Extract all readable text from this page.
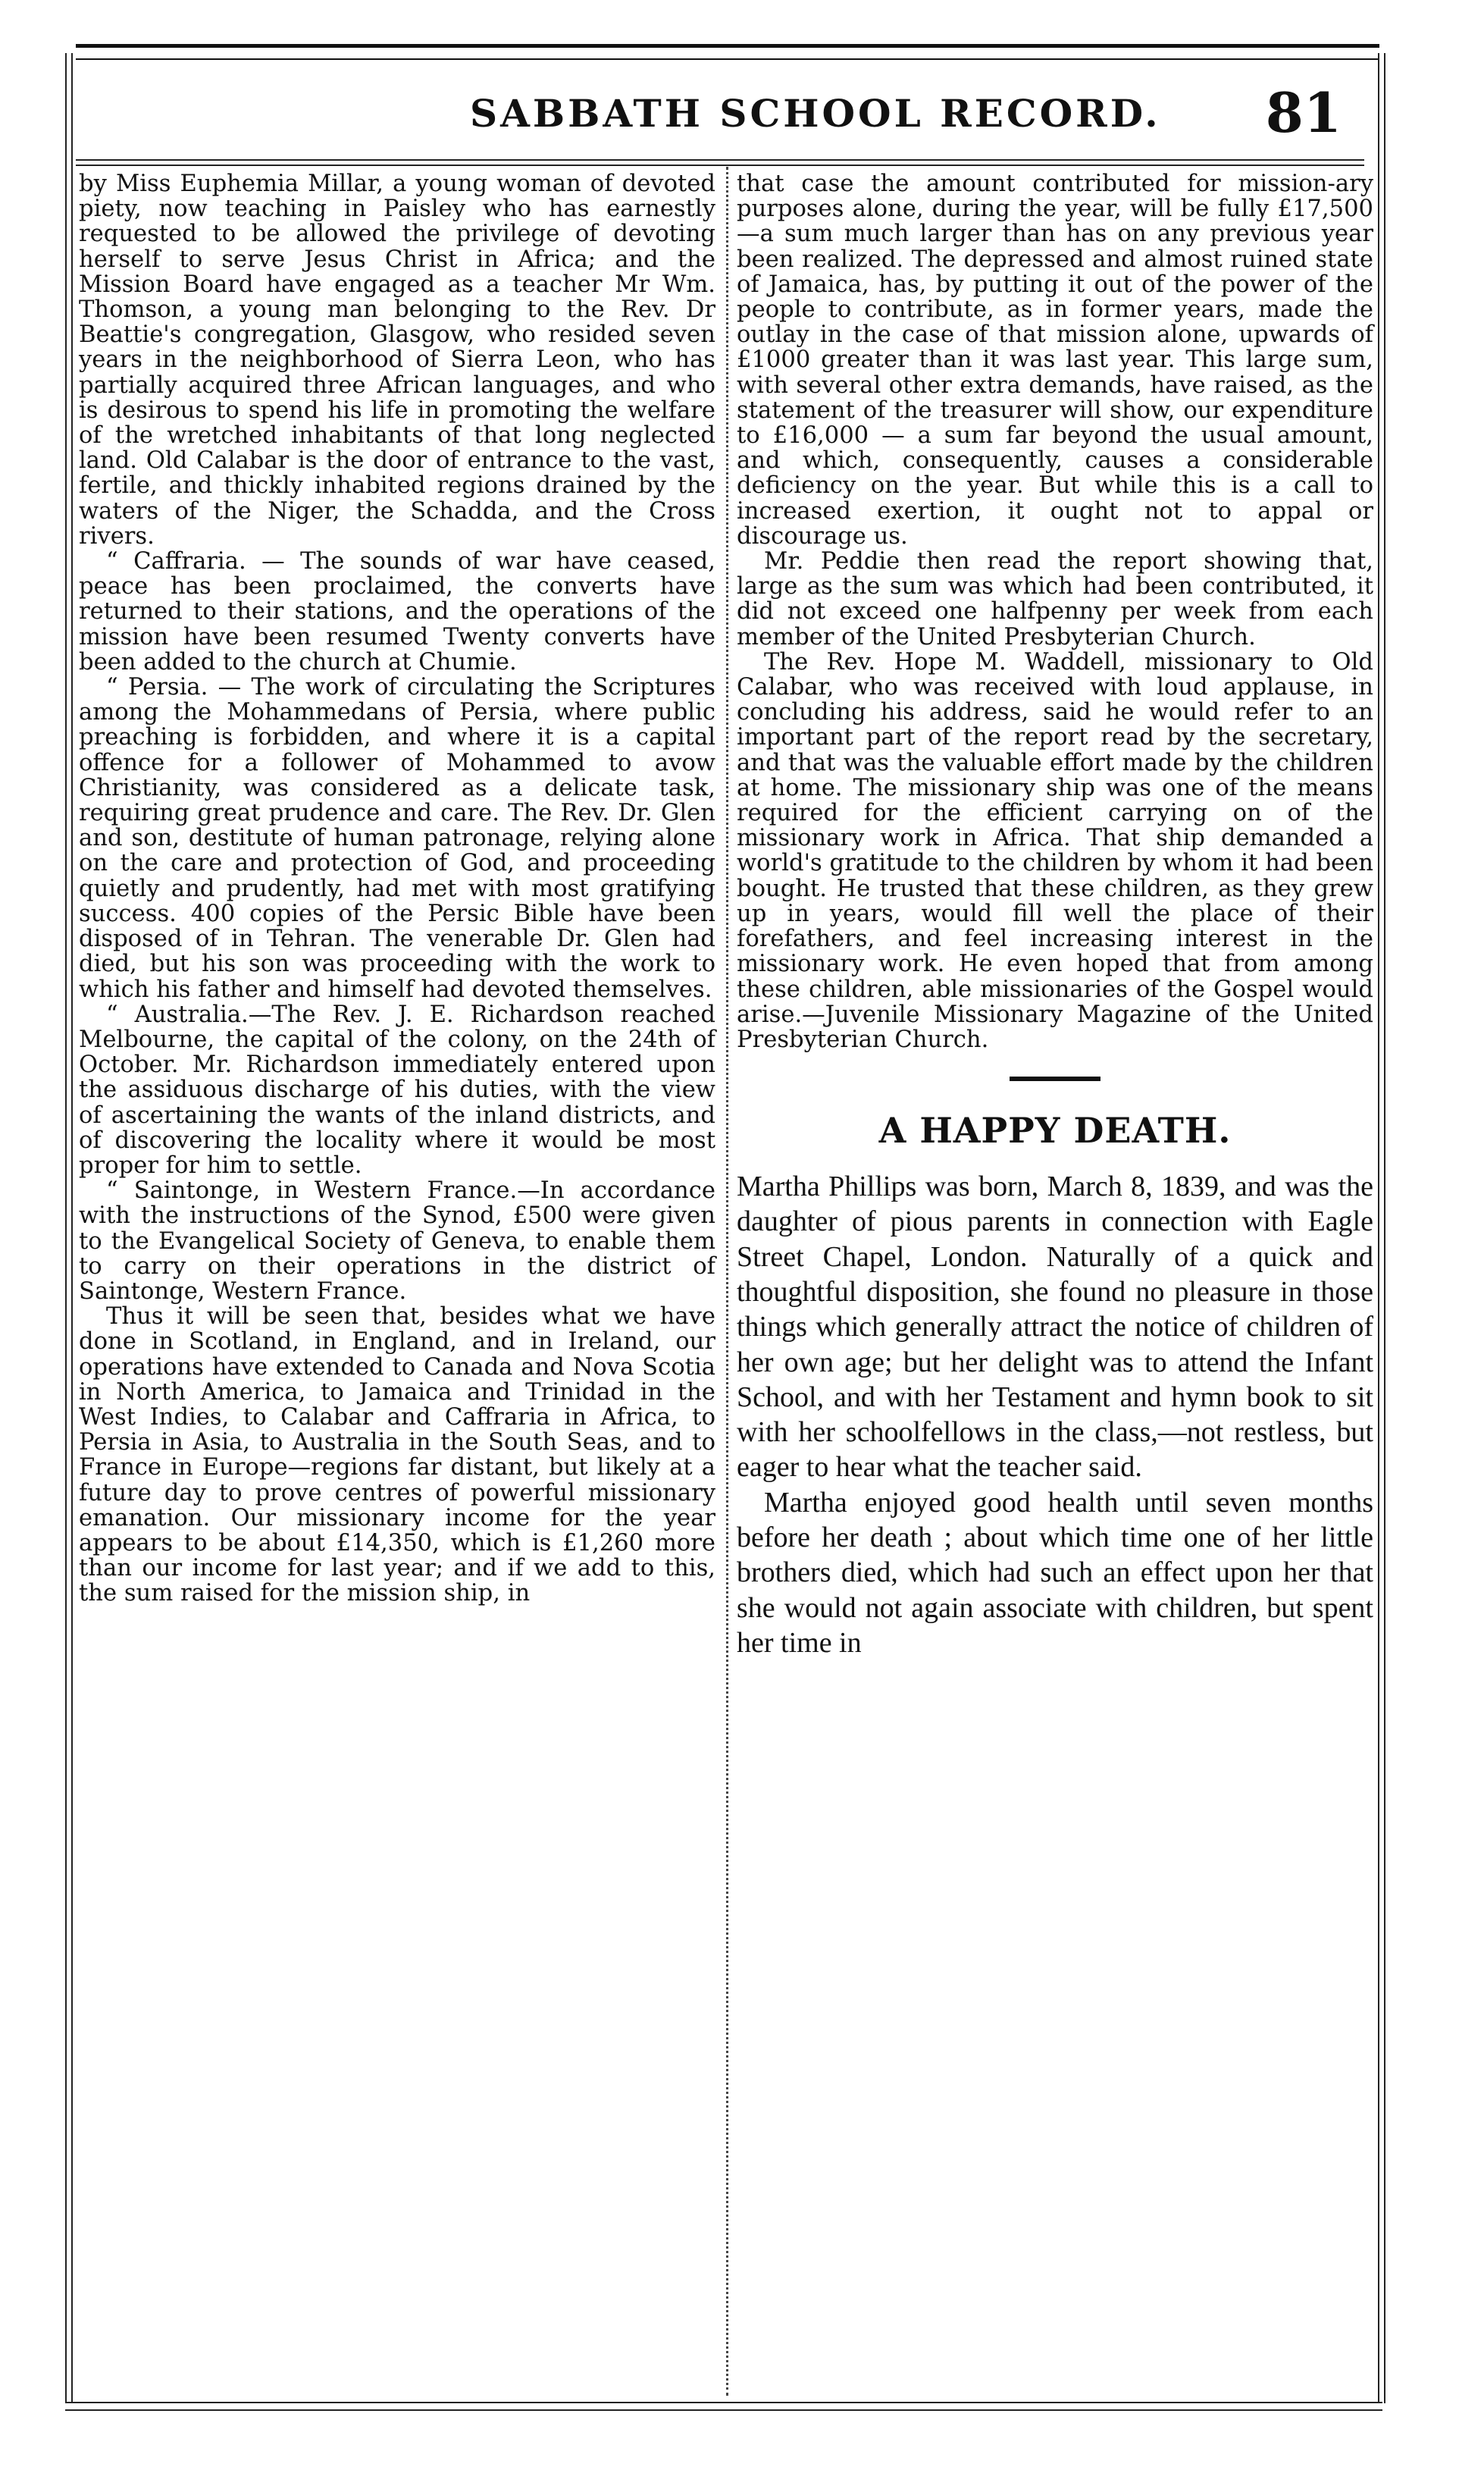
SABBATH SCHOOL RECORD. 81

by Miss Euphemia Millar, a young woman of devoted piety, now teaching in Paisley who has earnestly requested to be allowed the privilege of devoting herself to serve Jesus Christ in Africa; and the Mission Board have engaged as a teacher Mr Wm. Thomson, a young man belonging to the Rev. Dr Beattie's congregation, Glasgow, who resided seven years in the neighborhood of Sierra Leon, who has partially acquired three African languages, and who is desirous to spend his life in promoting the welfare of the wretched inhabitants of that long neglected land. Old Calabar is the door of entrance to the vast, fertile, and thickly inhabited regions drained by the waters of the Niger, the Schadda, and the Cross rivers.

“ Caffraria. — The sounds of war have ceased, peace has been proclaimed, the converts have returned to their stations, and the operations of the mission have been resumed Twenty converts have been added to the church at Chumie.

“ Persia. — The work of circulating the Scriptures among the Mohammedans of Persia, where public preaching is forbidden, and where it is a capital offence for a follower of Mohammed to avow Christianity, was considered as a delicate task, requiring great prudence and care. The Rev. Dr. Glen and son, destitute of human patronage, relying alone on the care and protection of God, and proceeding quietly and prudently, had met with most gratifying success. 400 copies of the Persic Bible have been disposed of in Tehran. The venerable Dr. Glen had died, but his son was proceeding with the work to which his father and himself had devoted themselves.

“ Australia.—The Rev. J. E. Richardson reached Melbourne, the capital of the colony, on the 24th of October. Mr. Richardson immediately entered upon the assiduous discharge of his duties, with the view of ascertaining the wants of the inland districts, and of discovering the locality where it would be most proper for him to settle.

“ Saintonge, in Western France.—In accordance with the instructions of the Synod, £500 were given to the Evangelical Society of Geneva, to enable them to carry on their operations in the district of Saintonge, Western France.

Thus it will be seen that, besides what we have done in Scotland, in England, and in Ireland, our operations have extended to Canada and Nova Scotia in North America, to Jamaica and Trinidad in the West Indies, to Calabar and Caffraria in Africa, to Persia in Asia, to Australia in the South Seas, and to France in Europe—regions far distant, but likely at a future day to prove centres of powerful missionary emanation. Our missionary income for the year appears to be about £14,350, which is £1,260 more than our income for last year; and if we add to this, the sum raised for the mission ship, in

that case the amount contributed for mission-ary purposes alone, during the year, will be fully £17,500—a sum much larger than has on any previous year been realized. The depressed and almost ruined state of Jamaica, has, by putting it out of the power of the people to contribute, as in former years, made the outlay in the case of that mission alone, upwards of £1000 greater than it was last year. This large sum, with several other extra demands, have raised, as the statement of the treasurer will show, our expenditure to £16,000 — a sum far beyond the usual amount, and which, consequently, causes a considerable deficiency on the year. But while this is a call to increased exertion, it ought not to appal or discourage us.

Mr. Peddie then read the report showing that, large as the sum was which had been contributed, it did not exceed one halfpenny per week from each member of the United Presbyterian Church.

The Rev. Hope M. Waddell, missionary to Old Calabar, who was received with loud applause, in concluding his address, said he would refer to an important part of the report read by the secretary, and that was the valuable effort made by the children at home. The missionary ship was one of the means required for the efficient carrying on of the missionary work in Africa. That ship demanded a world's gratitude to the children by whom it had been bought. He trusted that these children, as they grew up in years, would fill well the place of their forefathers, and feel increasing interest in the missionary work. He even hoped that from among these children, able missionaries of the Gospel would arise.—Juvenile Missionary Magazine of the United Presbyterian Church.

A HAPPY DEATH.

Martha Phillips was born, March 8, 1839, and was the daughter of pious parents in connection with Eagle Street Chapel, London. Naturally of a quick and thoughtful disposition, she found no pleasure in those things which generally attract the notice of children of her own age; but her delight was to attend the Infant School, and with her Testament and hymn book to sit with her schoolfellows in the class,—not restless, but eager to hear what the teacher said.

Martha enjoyed good health until seven months before her death ; about which time one of her little brothers died, which had such an effect upon her that she would not again associate with children, but spent her time in
